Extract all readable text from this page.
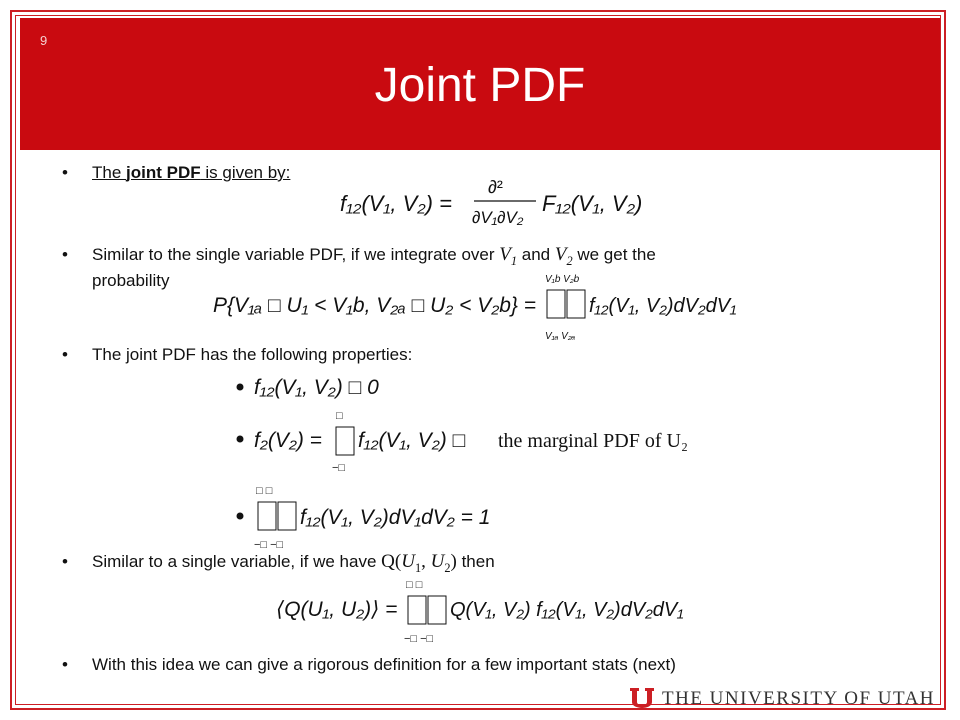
9
Joint PDF
• The joint PDF is given by:
f₁₂(V₁, V₂) =
∂²
∂V₁∂V₂
F₁₂(V₁, V₂)
• Similar to the single variable PDF, if we integrate over $V_1$ and $V_2$ we get the
probability
P{V₁ₐ □ U₁ < V₁b, V₂ₐ □ U₂ < V₂b} =
V₁b V₂b
V₁ₐ V₂ₐ
f₁₂(V₁, V₂)dV₂dV₁
• The joint PDF has the following properties:
f₁₂(V₁, V₂) □ 0
f₂(V₂) =
□
−□
f₁₂(V₁, V₂) □ the marginal PDF of U₂
□ □
−□ −□
f₁₂(V₁, V₂)dV₁dV₂ = 1
• Similar to a single variable, if we have $Q(U_1$, $U_2$) then
⟨Q(U₁, U₂)⟩ =
□ □
−□ −□
Q(V₁, V₂) f₁₂(V₁, V₂)dV₂dV₁
• With this idea we can give a rigorous definition for a few important stats (next)
THE UNIVERSITY OF UTAH
